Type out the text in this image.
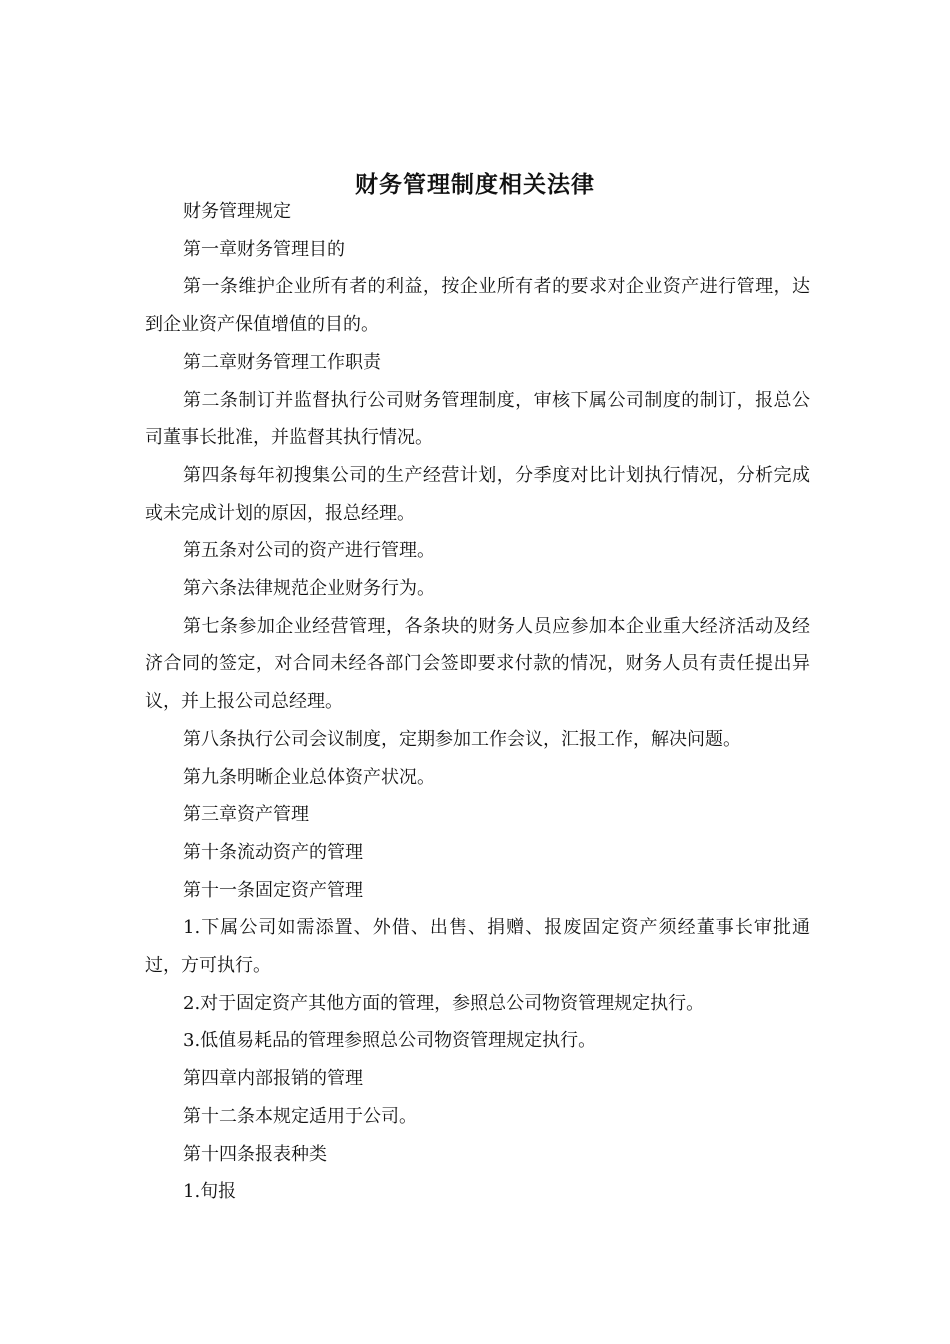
财务管理制度相关法律

财务管理规定

第一章财务管理目的

第一条维护企业所有者的利益，按企业所有者的要求对企业资产进行管理，达到企业资产保值增值的目的。

第二章财务管理工作职责

第二条制订并监督执行公司财务管理制度，审核下属公司制度的制订，报总公司董事长批准，并监督其执行情况。

第四条每年初搜集公司的生产经营计划，分季度对比计划执行情况，分析完成或未完成计划的原因，报总经理。

第五条对公司的资产进行管理。

第六条法律规范企业财务行为。

第七条参加企业经营管理，各条块的财务人员应参加本企业重大经济活动及经济合同的签定，对合同未经各部门会签即要求付款的情况，财务人员有责任提出异议，并上报公司总经理。

第八条执行公司会议制度，定期参加工作会议，汇报工作，解决问题。

第九条明晰企业总体资产状况。

第三章资产管理

第十条流动资产的管理

第十一条固定资产管理

1.下属公司如需添置、外借、出售、捐赠、报废固定资产须经董事长审批通过，方可执行。

2.对于固定资产其他方面的管理，参照总公司物资管理规定执行。

3.低值易耗品的管理参照总公司物资管理规定执行。

第四章内部报销的管理

第十二条本规定适用于公司。

第十四条报表种类

1.旬报
